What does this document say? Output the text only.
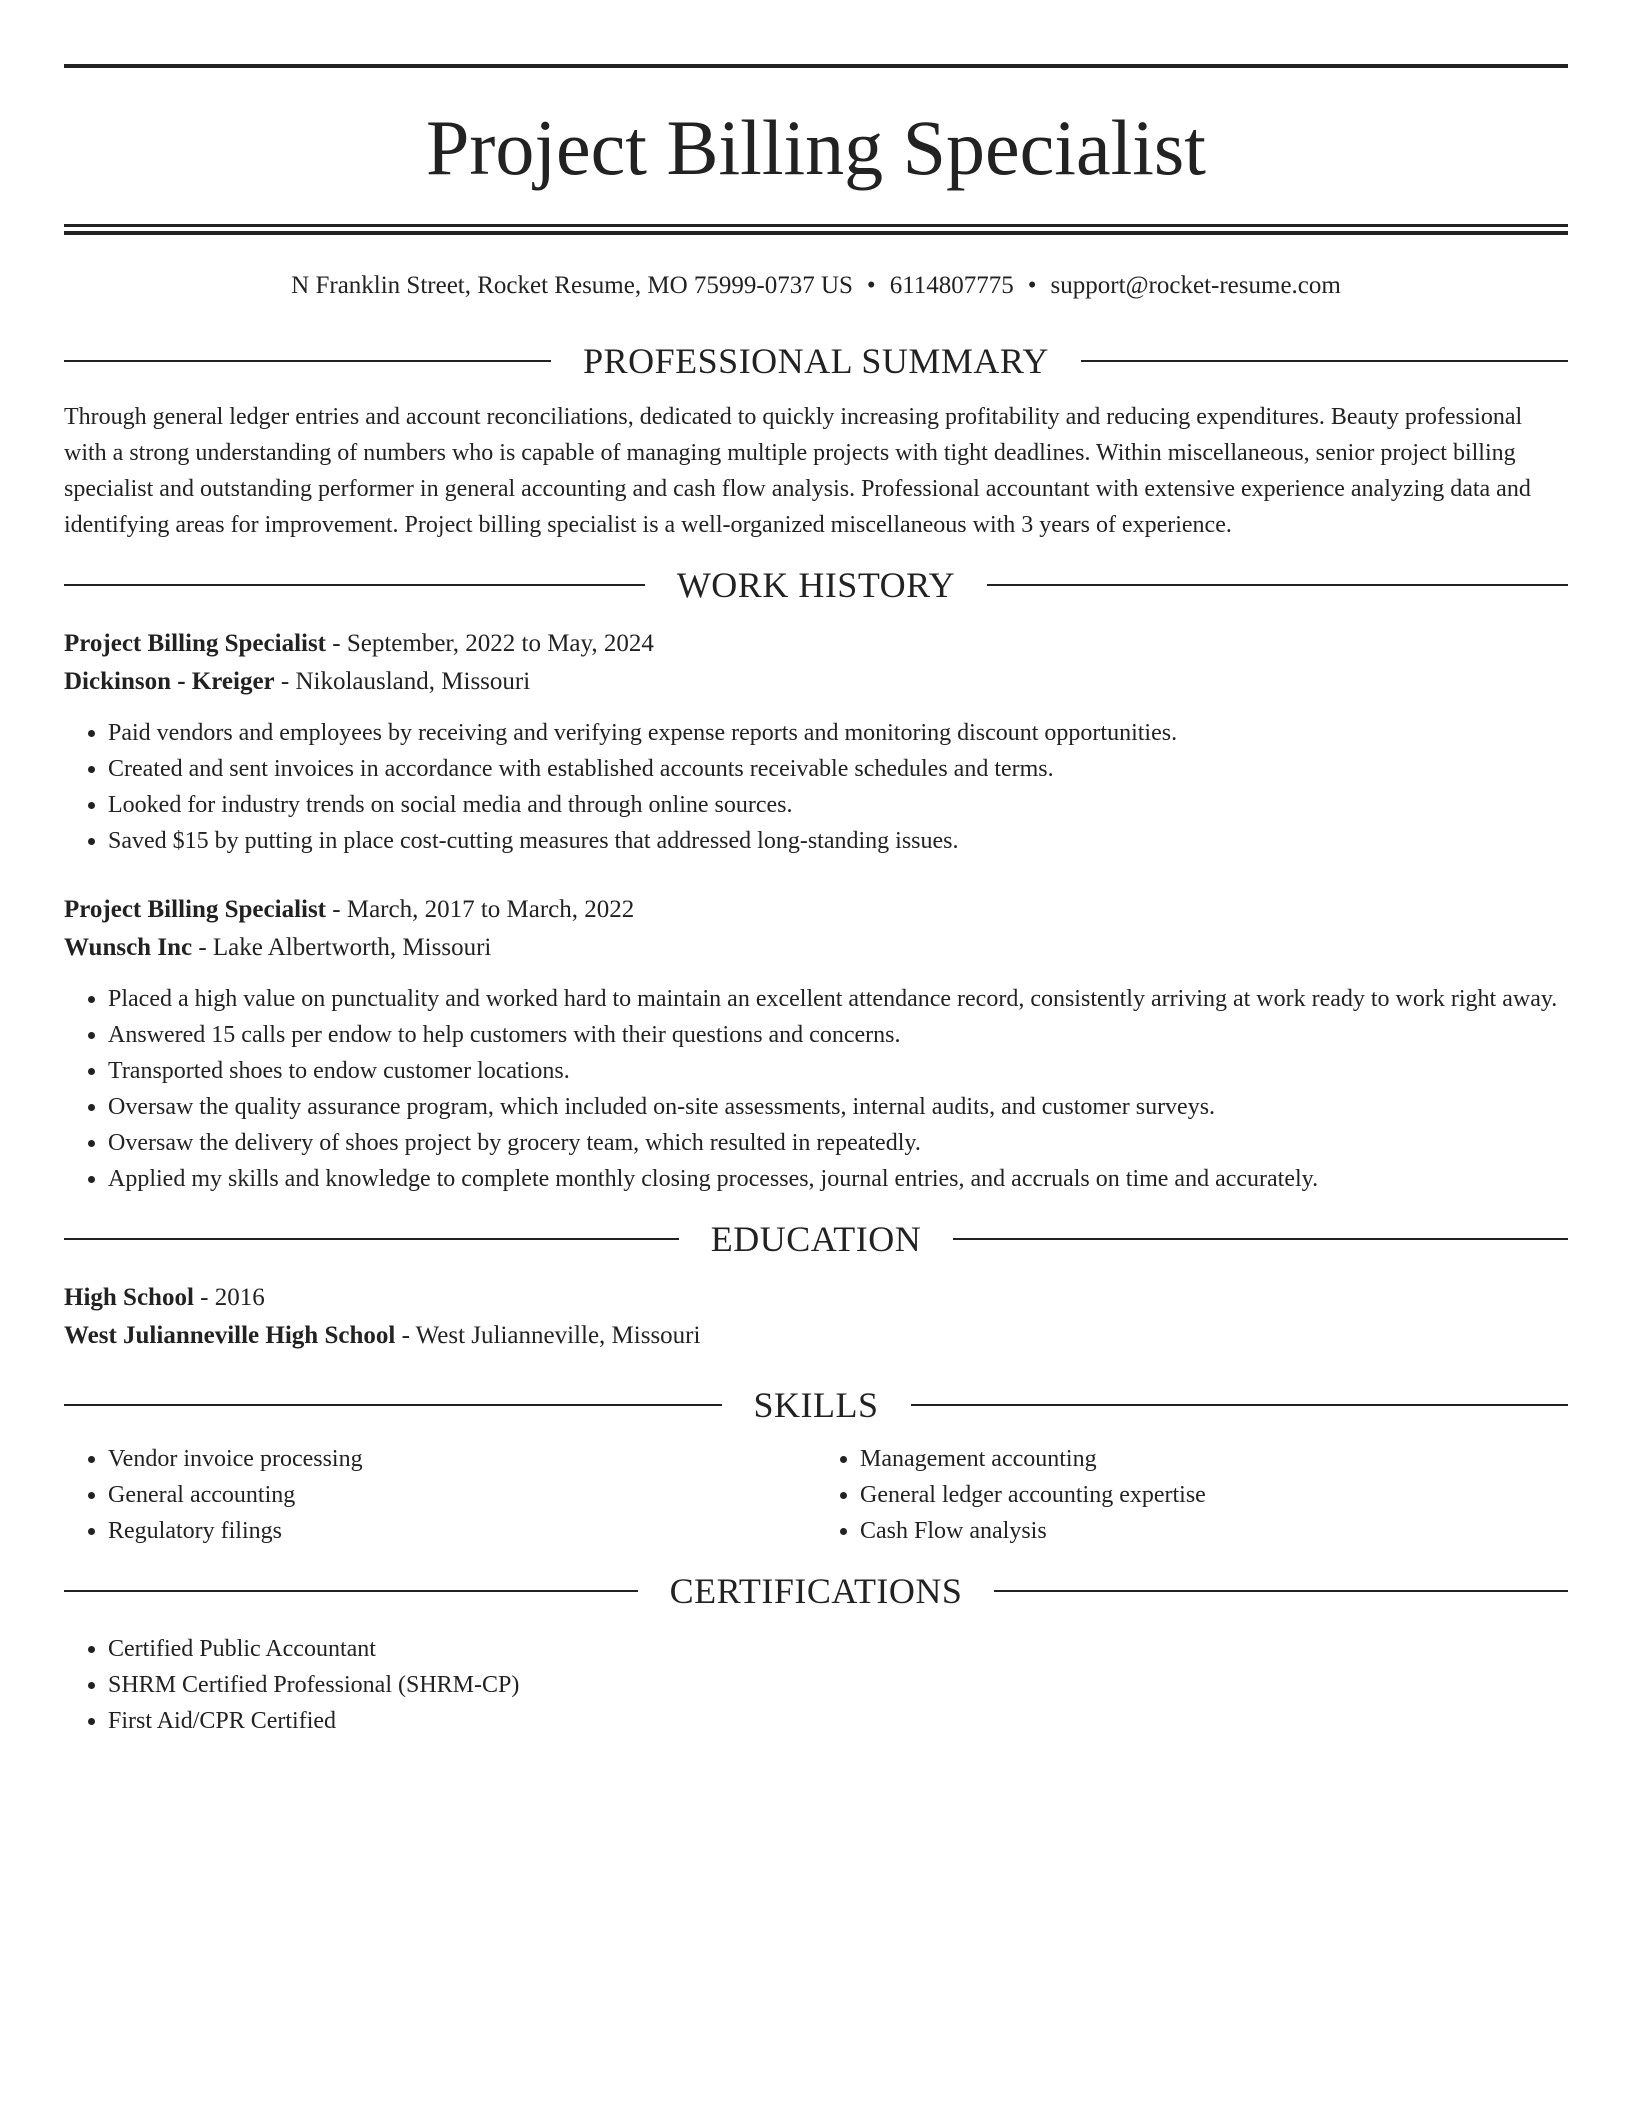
Project Billing Specialist
N Franklin Street, Rocket Resume, MO 75999-0737 US • 6114807775 • support@rocket-resume.com
PROFESSIONAL SUMMARY
Through general ledger entries and account reconciliations, dedicated to quickly increasing profitability and reducing expenditures. Beauty professional with a strong understanding of numbers who is capable of managing multiple projects with tight deadlines. Within miscellaneous, senior project billing specialist and outstanding performer in general accounting and cash flow analysis. Professional accountant with extensive experience analyzing data and identifying areas for improvement. Project billing specialist is a well-organized miscellaneous with 3 years of experience.
WORK HISTORY
Project Billing Specialist - September, 2022 to May, 2024
Dickinson - Kreiger - Nikolausland, Missouri
• Paid vendors and employees by receiving and verifying expense reports and monitoring discount opportunities.
• Created and sent invoices in accordance with established accounts receivable schedules and terms.
• Looked for industry trends on social media and through online sources.
• Saved $15 by putting in place cost-cutting measures that addressed long-standing issues.
Project Billing Specialist - March, 2017 to March, 2022
Wunsch Inc - Lake Albertworth, Missouri
• Placed a high value on punctuality and worked hard to maintain an excellent attendance record, consistently arriving at work ready to work right away.
• Answered 15 calls per endow to help customers with their questions and concerns.
• Transported shoes to endow customer locations.
• Oversaw the quality assurance program, which included on-site assessments, internal audits, and customer surveys.
• Oversaw the delivery of shoes project by grocery team, which resulted in repeatedly.
• Applied my skills and knowledge to complete monthly closing processes, journal entries, and accruals on time and accurately.
EDUCATION
High School - 2016
West Julianneville High School - West Julianneville, Missouri
SKILLS
• Vendor invoice processing
• General accounting
• Regulatory filings
• Management accounting
• General ledger accounting expertise
• Cash Flow analysis
CERTIFICATIONS
• Certified Public Accountant
• SHRM Certified Professional (SHRM-CP)
• First Aid/CPR Certified
